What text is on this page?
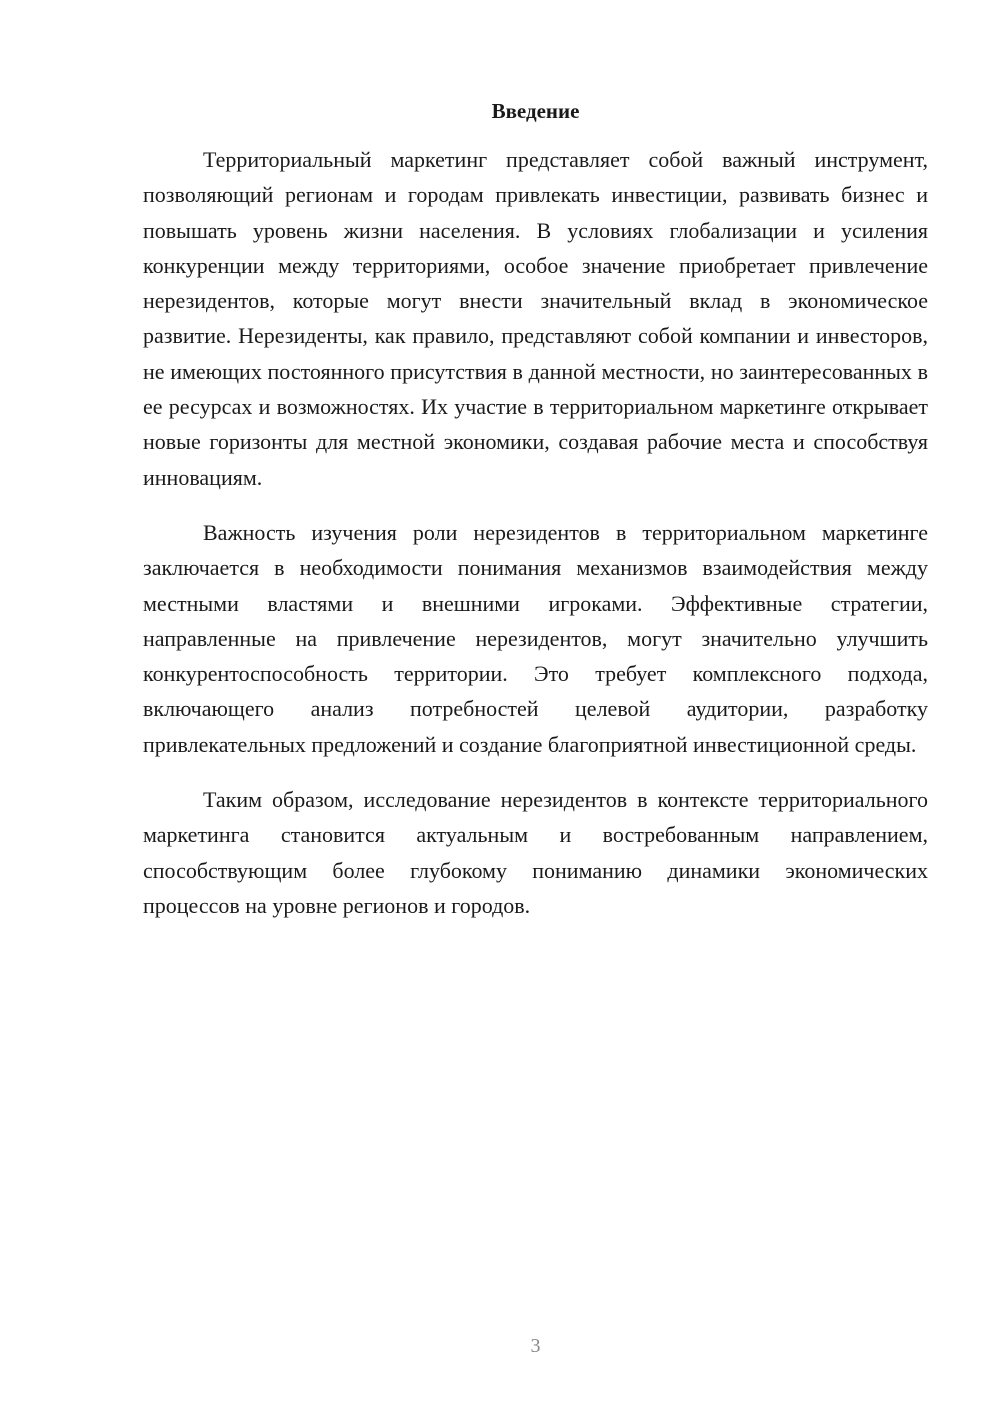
Введение

Территориальный маркетинг представляет собой важный инструмент, позволяющий регионам и городам привлекать инвестиции, развивать бизнес и повышать уровень жизни населения. В условиях глобализации и усиления конкуренции между территориями, особое значение приобретает привлечение нерезидентов, которые могут внести значительный вклад в экономическое развитие. Нерезиденты, как правило, представляют собой компании и инвесторов, не имеющих постоянного присутствия в данной местности, но заинтересованных в ее ресурсах и возможностях. Их участие в территориальном маркетинге открывает новые горизонты для местной экономики, создавая рабочие места и способствуя инновациям.

Важность изучения роли нерезидентов в территориальном маркетинге заключается в необходимости понимания механизмов взаимодействия между местными властями и внешними игроками. Эффективные стратегии, направленные на привлечение нерезидентов, могут значительно улучшить конкурентоспособность территории. Это требует комплексного подхода, включающего анализ потребностей целевой аудитории, разработку привлекательных предложений и создание благоприятной инвестиционной среды.

Таким образом, исследование нерезидентов в контексте территориального маркетинга становится актуальным и востребованным направлением, способствующим более глубокому пониманию динамики экономических процессов на уровне регионов и городов.

3
